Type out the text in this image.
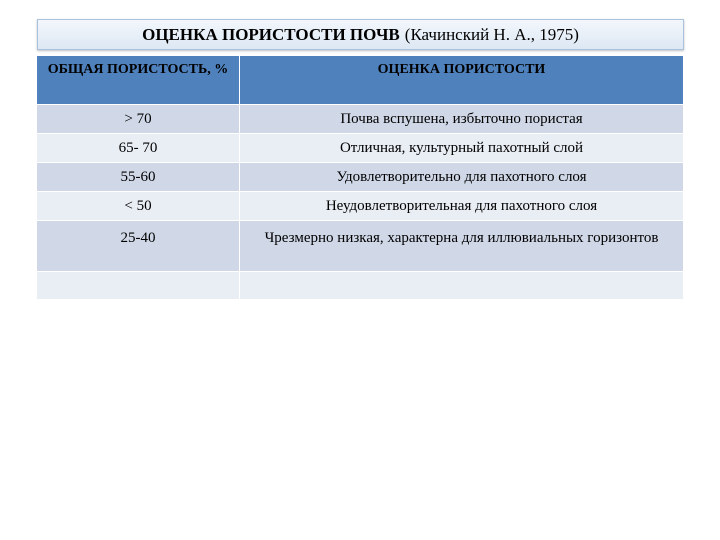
ОЦЕНКА ПОРИСТОСТИ ПОЧВ (Качинский Н. А., 1975)
ОБЩАЯ ПОРИСТОСТЬ, %	ОЦЕНКА ПОРИСТОСТИ
> 70	Почва вспушена, избыточно пористая
65- 70	Отличная, культурный пахотный слой
55-60	Удовлетворительно для пахотного слоя
< 50	Неудовлетворительная для пахотного слоя
25-40	Чрезмерно низкая, характерна для иллювиальных горизонтов
